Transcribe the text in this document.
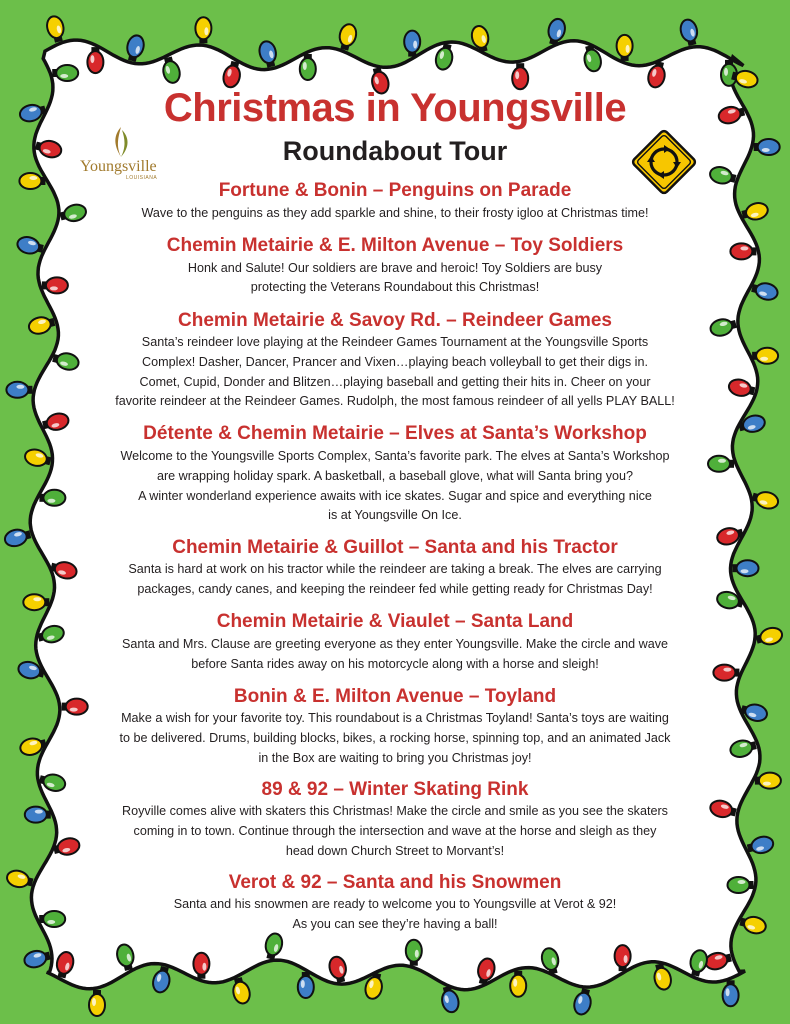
Christmas in Youngsville
Roundabout Tour
Youngsville
LOUISIANA
Fortune & Bonin – Penguins on Parade
Wave to the penguins as they add sparkle and shine, to their frosty igloo at Christmas time!
Chemin Metairie & E. Milton Avenue – Toy Soldiers
Honk and Salute! Our soldiers are brave and heroic! Toy Soldiers are busy
protecting the Veterans Roundabout this Christmas!
Chemin Metairie & Savoy Rd. – Reindeer Games
Santa’s reindeer love playing at the Reindeer Games Tournament at the Youngsville Sports
Complex! Dasher, Dancer, Prancer and Vixen…playing beach volleyball to get their digs in.
Comet, Cupid, Donder and Blitzen…playing baseball and getting their hits in. Cheer on your
favorite reindeer at the Reindeer Games. Rudolph, the most famous reindeer of all yells PLAY BALL!
Détente & Chemin Metairie – Elves at Santa’s Workshop
Welcome to the Youngsville Sports Complex, Santa’s favorite park. The elves at Santa’s Workshop
are wrapping holiday spark. A basketball, a baseball glove, what will Santa bring you?
A winter wonderland experience awaits with ice skates. Sugar and spice and everything nice
is at Youngsville On Ice.
Chemin Metairie & Guillot – Santa and his Tractor
Santa is hard at work on his tractor while the reindeer are taking a break. The elves are carrying
packages, candy canes, and keeping the reindeer fed while getting ready for Christmas Day!
Chemin Metairie & Viaulet – Santa Land
Santa and Mrs. Clause are greeting everyone as they enter Youngsville. Make the circle and wave
before Santa rides away on his motorcycle along with a horse and sleigh!
Bonin & E. Milton Avenue – Toyland
Make a wish for your favorite toy. This roundabout is a Christmas Toyland! Santa’s toys are waiting
to be delivered. Drums, building blocks, bikes, a rocking horse, spinning top, and an animated Jack
in the Box are waiting to bring you Christmas joy!
89 & 92 – Winter Skating Rink
Royville comes alive with skaters this Christmas! Make the circle and smile as you see the skaters
coming in to town. Continue through the intersection and wave at the horse and sleigh as they
head down Church Street to Morvant’s!
Verot & 92 – Santa and his Snowmen
Santa and his snowmen are ready to welcome you to Youngsville at Verot & 92!
As you can see they’re having a ball!
